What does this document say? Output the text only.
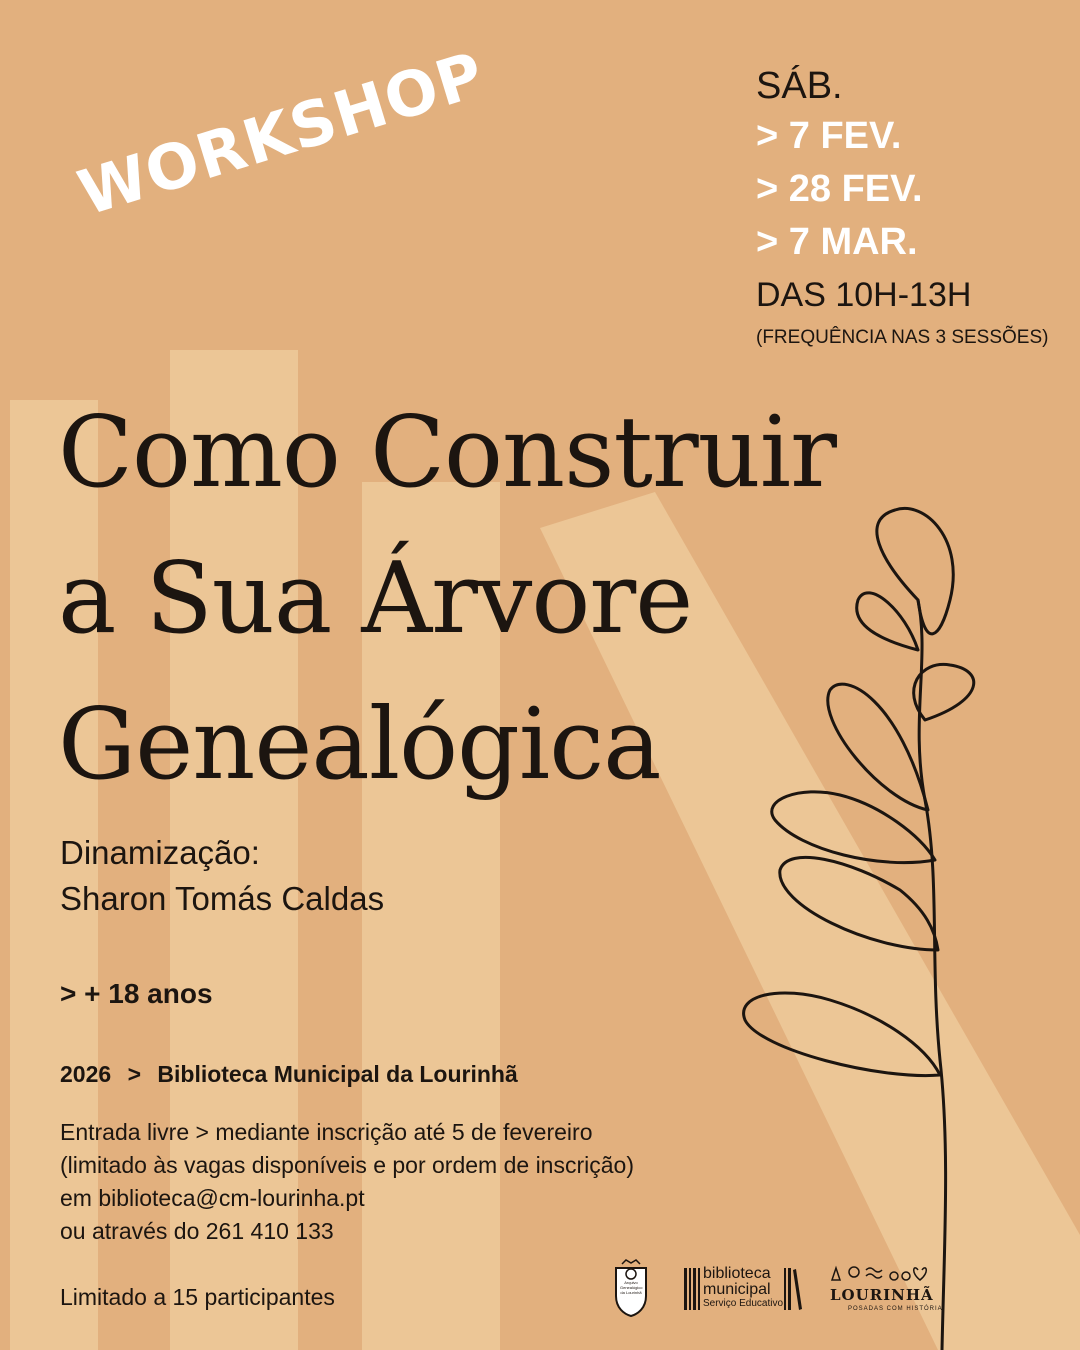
WORKSHOP	SÁB.
> 7 FEV.
> 28 FEV.
> 7 MAR.
DAS 10H-13H
(FREQUÊNCIA NAS 3 SESSÕES)
Como Construir
a Sua Árvore
Genealógica
Dinamização:
Sharon Tomás Caldas
> + 18 anos
2026 > Biblioteca Municipal da Lourinhã
Entrada livre > mediante inscrição até 5 de fevereiro
(limitado às vagas disponíveis e por ordem de inscrição)
em biblioteca@cm-lourinha.pt
ou através do 261 410 133
Limitado a 15 participantes
Arquivo Genealógico da Lourinhã
biblioteca
municipal
Serviço Educativo	LOURINHÃ
POSADAS COM HISTÓRIA
